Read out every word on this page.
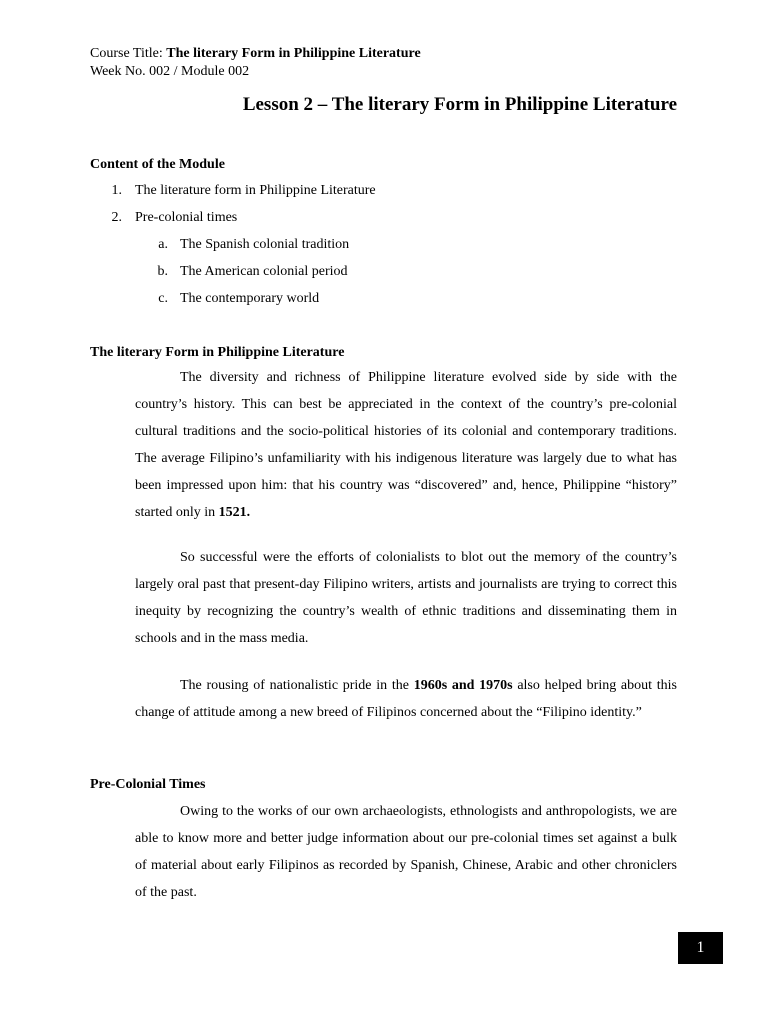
Course Title: The literary Form in Philippine Literature
Week No. 002 / Module 002
Lesson 2 – The literary Form in Philippine Literature
Content of the Module
1. The literature form in Philippine Literature
2. Pre-colonial times
a. The Spanish colonial tradition
b. The American colonial period
c. The contemporary world
The literary Form in Philippine Literature

The diversity and richness of Philippine literature evolved side by side with the country’s history. This can best be appreciated in the context of the country’s pre-colonial cultural traditions and the socio-political histories of its colonial and contemporary traditions. The average Filipino’s unfamiliarity with his indigenous literature was largely due to what has been impressed upon him: that his country was “discovered” and, hence, Philippine “history” started only in 1521.

So successful were the efforts of colonialists to blot out the memory of the country’s largely oral past that present-day Filipino writers, artists and journalists are trying to correct this inequity by recognizing the country’s wealth of ethnic traditions and disseminating them in schools and in the mass media.

The rousing of nationalistic pride in the 1960s and 1970s also helped bring about this change of attitude among a new breed of Filipinos concerned about the “Filipino identity.”

Pre-Colonial Times

Owing to the works of our own archaeologists, ethnologists and anthropologists, we are able to know more and better judge information about our pre-colonial times set against a bulk of material about early Filipinos as recorded by Spanish, Chinese, Arabic and other chroniclers of the past.

1
